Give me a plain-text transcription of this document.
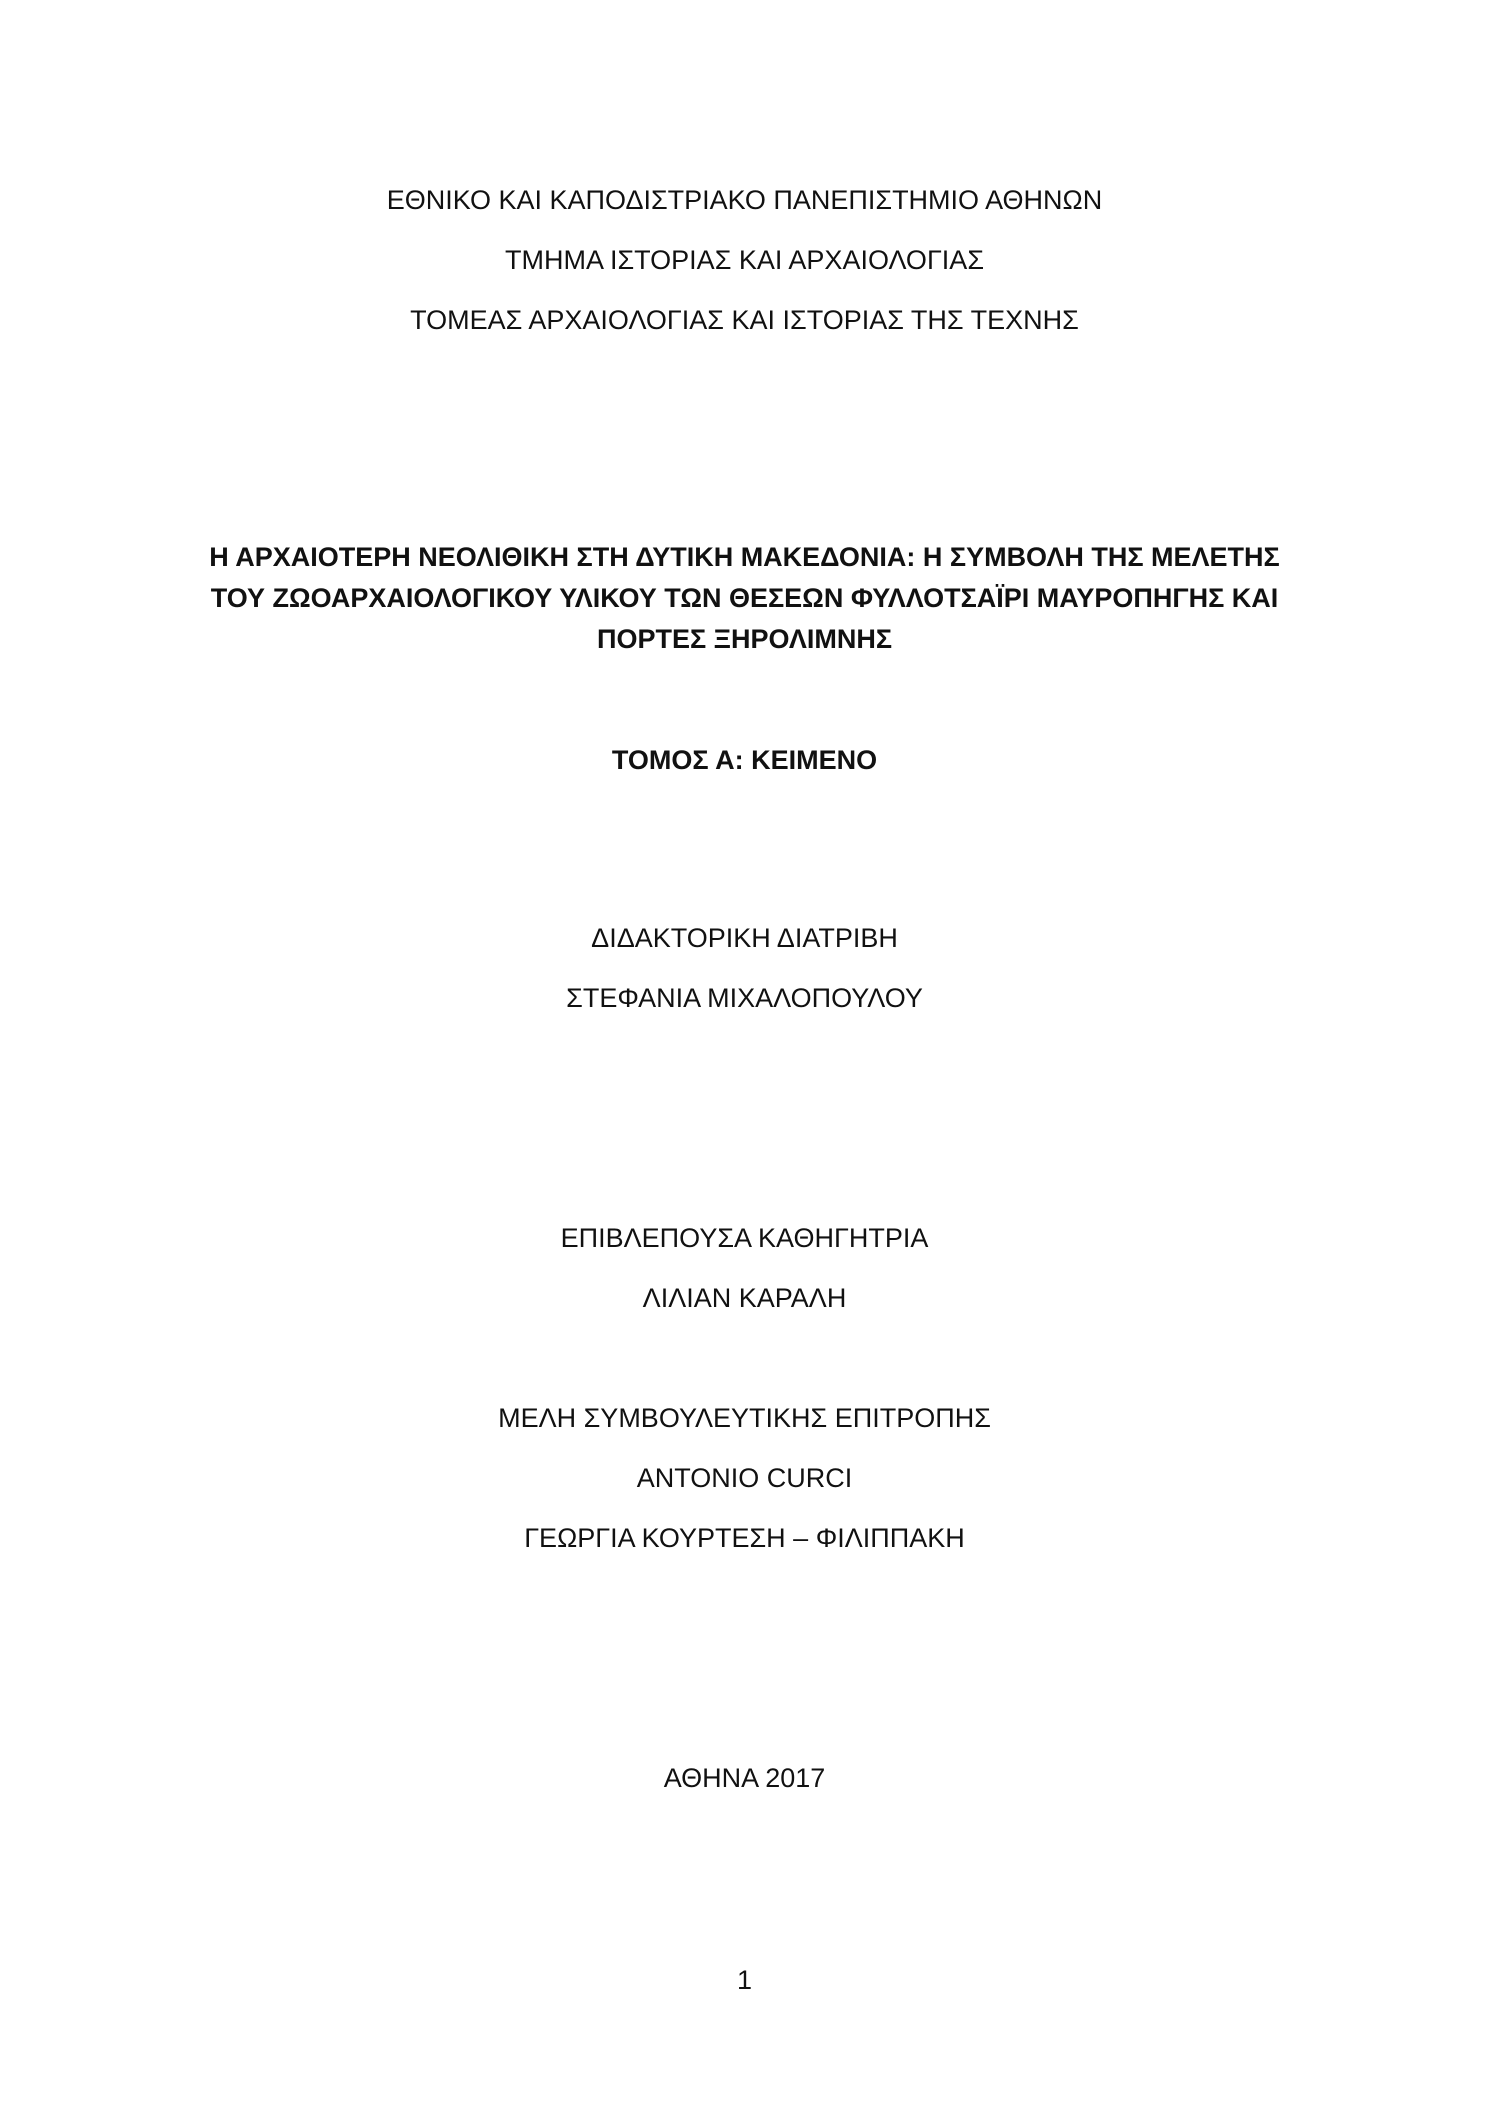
ΕΘΝΙΚΟ ΚΑΙ ΚΑΠΟΔΙΣΤΡΙΑΚΟ ΠΑΝΕΠΙΣΤΗΜΙΟ ΑΘΗΝΩΝ
ΤΜΗΜΑ ΙΣΤΟΡΙΑΣ ΚΑΙ ΑΡΧΑΙΟΛΟΓΙΑΣ
ΤΟΜΕΑΣ ΑΡΧΑΙΟΛΟΓΙΑΣ ΚΑΙ ΙΣΤΟΡΙΑΣ ΤΗΣ ΤΕΧΝΗΣ
Η ΑΡΧΑΙΟΤΕΡΗ ΝΕΟΛΙΘΙΚΗ ΣΤΗ ΔΥΤΙΚΗ ΜΑΚΕΔΟΝΙΑ: Η ΣΥΜΒΟΛΗ ΤΗΣ ΜΕΛΕΤΗΣ
ΤΟΥ ΖΩΟΑΡΧΑΙΟΛΟΓΙΚΟΥ ΥΛΙΚΟΥ ΤΩΝ ΘΕΣΕΩΝ ΦΥΛΛΟΤΣΑΪΡΙ ΜΑΥΡΟΠΗΓΗΣ ΚΑΙ
ΠΟΡΤΕΣ ΞΗΡΟΛΙΜΝΗΣ
ΤΟΜΟΣ Α: ΚΕΙΜΕΝΟ
ΔΙΔΑΚΤΟΡΙΚΗ ΔΙΑΤΡΙΒΗ
ΣΤΕΦΑΝΙΑ ΜΙΧΑΛΟΠΟΥΛΟΥ
ΕΠΙΒΛΕΠΟΥΣΑ ΚΑΘΗΓΗΤΡΙΑ
ΛΙΛΙΑΝ ΚΑΡΑΛΗ
ΜΕΛΗ ΣΥΜΒΟΥΛΕΥΤΙΚΗΣ ΕΠΙΤΡΟΠΗΣ
ANTONIO CURCI
ΓΕΩΡΓΙΑ ΚΟΥΡΤΕΣΗ – ΦΙΛΙΠΠΑΚΗ
ΑΘΗΝΑ 2017
1
